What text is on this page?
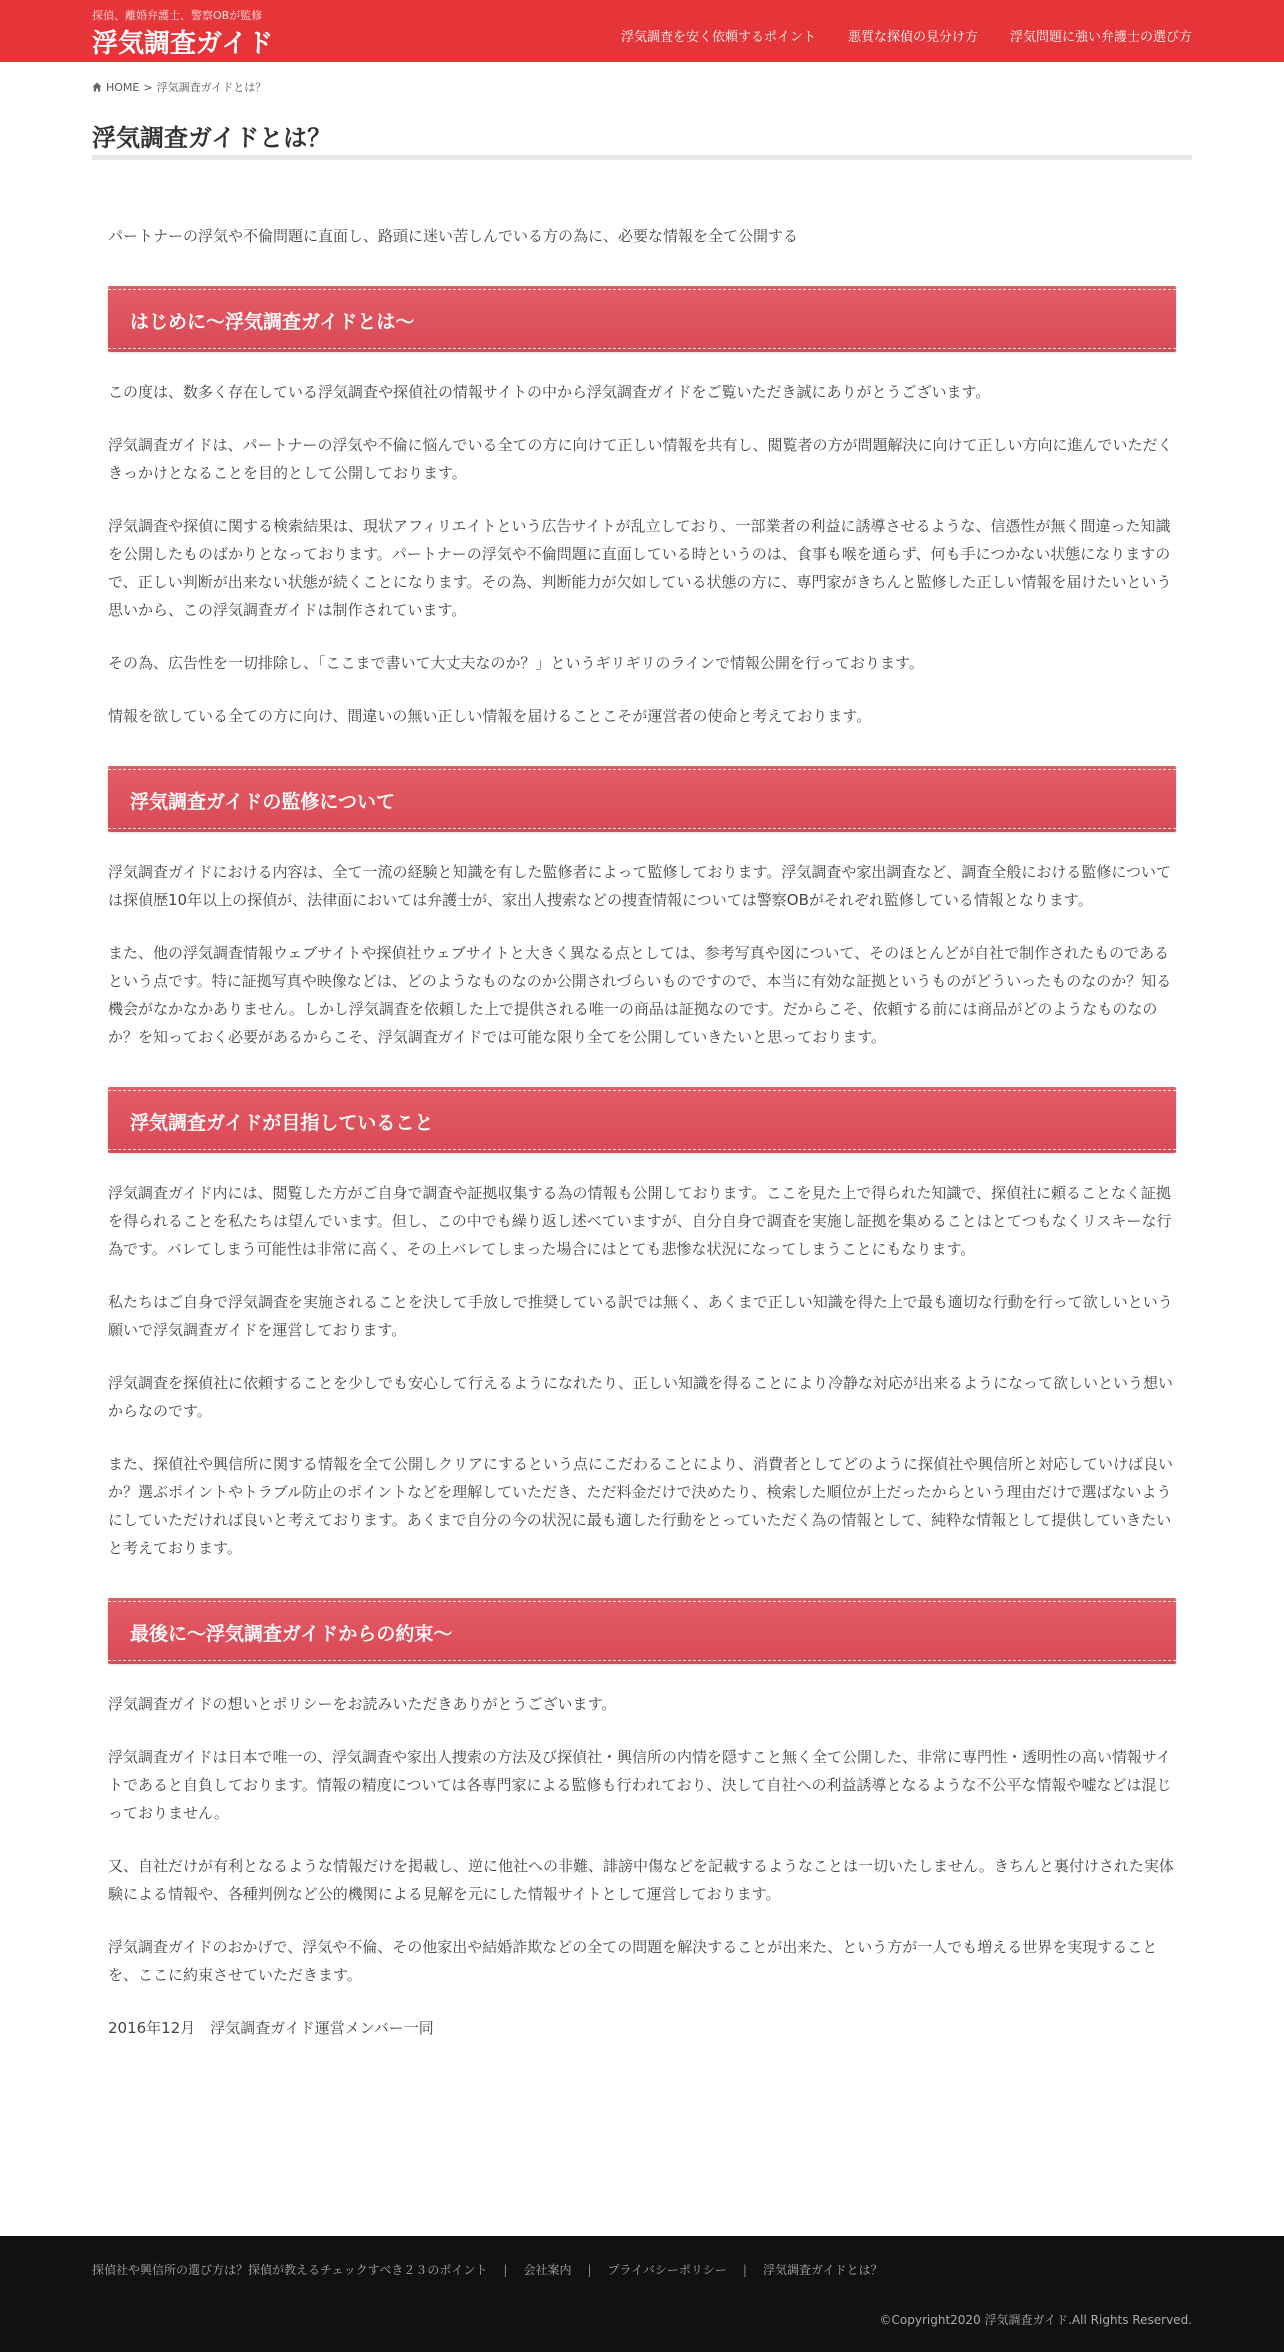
探偵、離婚弁護士、警察OBが監修
浮気調査ガイド	浮気調査を安く依頼するポイント 悪質な探偵の見分け方 浮気問題に強い弁護士の選び方
HOME > 浮気調査ガイドとは？
浮気調査ガイドとは？

パートナーの浮気や不倫問題に直面し、路頭に迷い苦しんでいる方の為に、必要な情報を全て公開する

はじめに～浮気調査ガイドとは～

この度は、数多く存在している浮気調査や探偵社の情報サイトの中から浮気調査ガイドをご覧いただき誠にありがとうございます。

浮気調査ガイドは、パートナーの浮気や不倫に悩んでいる全ての方に向けて正しい情報を共有し、閲覧者の方が問題解決に向けて正しい方向に進んでいただくきっかけとなることを目的として公開しております。

浮気調査や探偵に関する検索結果は、現状アフィリエイトという広告サイトが乱立しており、一部業者の利益に誘導させるような、信憑性が無く間違った知識を公開したものばかりとなっております。パートナーの浮気や不倫問題に直面している時というのは、食事も喉を通らず、何も手につかない状態になりますので、正しい判断が出来ない状態が続くことになります。その為、判断能力が欠如している状態の方に、専門家がきちんと監修した正しい情報を届けたいという思いから、この浮気調査ガイドは制作されています。

その為、広告性を一切排除し、「ここまで書いて大丈夫なのか？」というギリギリのラインで情報公開を行っております。

情報を欲している全ての方に向け、間違いの無い正しい情報を届けることこそが運営者の使命と考えております。

浮気調査ガイドの監修について

浮気調査ガイドにおける内容は、全て一流の経験と知識を有した監修者によって監修しております。浮気調査や家出調査など、調査全般における監修については探偵歴10年以上の探偵が、法律面においては弁護士が、家出人捜索などの捜査情報については警察OBがそれぞれ監修している情報となります。

また、他の浮気調査情報ウェブサイトや探偵社ウェブサイトと大きく異なる点としては、参考写真や図について、そのほとんどが自社で制作されたものであるという点です。特に証拠写真や映像などは、どのようなものなのか公開されづらいものですので、本当に有効な証拠というものがどういったものなのか？知る機会がなかなかありません。しかし浮気調査を依頼した上で提供される唯一の商品は証拠なのです。だからこそ、依頼する前には商品がどのようなものなのか？を知っておく必要があるからこそ、浮気調査ガイドでは可能な限り全てを公開していきたいと思っております。

浮気調査ガイドが目指していること

浮気調査ガイド内には、閲覧した方がご自身で調査や証拠収集する為の情報も公開しております。ここを見た上で得られた知識で、探偵社に頼ることなく証拠を得られることを私たちは望んでいます。但し、この中でも繰り返し述べていますが、自分自身で調査を実施し証拠を集めることはとてつもなくリスキーな行為です。バレてしまう可能性は非常に高く、その上バレてしまった場合にはとても悲惨な状況になってしまうことにもなります。

私たちはご自身で浮気調査を実施されることを決して手放しで推奨している訳では無く、あくまで正しい知識を得た上で最も適切な行動を行って欲しいという願いで浮気調査ガイドを運営しております。

浮気調査を探偵社に依頼することを少しでも安心して行えるようになれたり、正しい知識を得ることにより冷静な対応が出来るようになって欲しいという想いからなのです。

また、探偵社や興信所に関する情報を全て公開しクリアにするという点にこだわることにより、消費者としてどのように探偵社や興信所と対応していけば良いか？選ぶポイントやトラブル防止のポイントなどを理解していただき、ただ料金だけで決めたり、検索した順位が上だったからという理由だけで選ばないようにしていただければ良いと考えております。あくまで自分の今の状況に最も適した行動をとっていただく為の情報として、純粋な情報として提供していきたいと考えております。

最後に～浮気調査ガイドからの約束～

浮気調査ガイドの想いとポリシーをお読みいただきありがとうございます。

浮気調査ガイドは日本で唯一の、浮気調査や家出人捜索の方法及び探偵社・興信所の内情を隠すこと無く全て公開した、非常に専門性・透明性の高い情報サイトであると自負しております。情報の精度については各専門家による監修も行われており、決して自社への利益誘導となるような不公平な情報や嘘などは混じっておりません。

又、自社だけが有利となるような情報だけを掲載し、逆に他社への非難、誹謗中傷などを記載するようなことは一切いたしません。きちんと裏付けされた実体験による情報や、各種判例など公的機関による見解を元にした情報サイトとして運営しております。

浮気調査ガイドのおかげで、浮気や不倫、その他家出や結婚詐欺などの全ての問題を解決することが出来た、という方が一人でも増える世界を実現することを、ここに約束させていただきます。

2016年12月　浮気調査ガイド運営メンバー一同

探偵社や興信所の選び方は？探偵が教えるチェックすべき２３のポイント | 会社案内 | プライバシーポリシー | 浮気調査ガイドとは？
©Copyright2020 浮気調査ガイド.All Rights Reserved.
